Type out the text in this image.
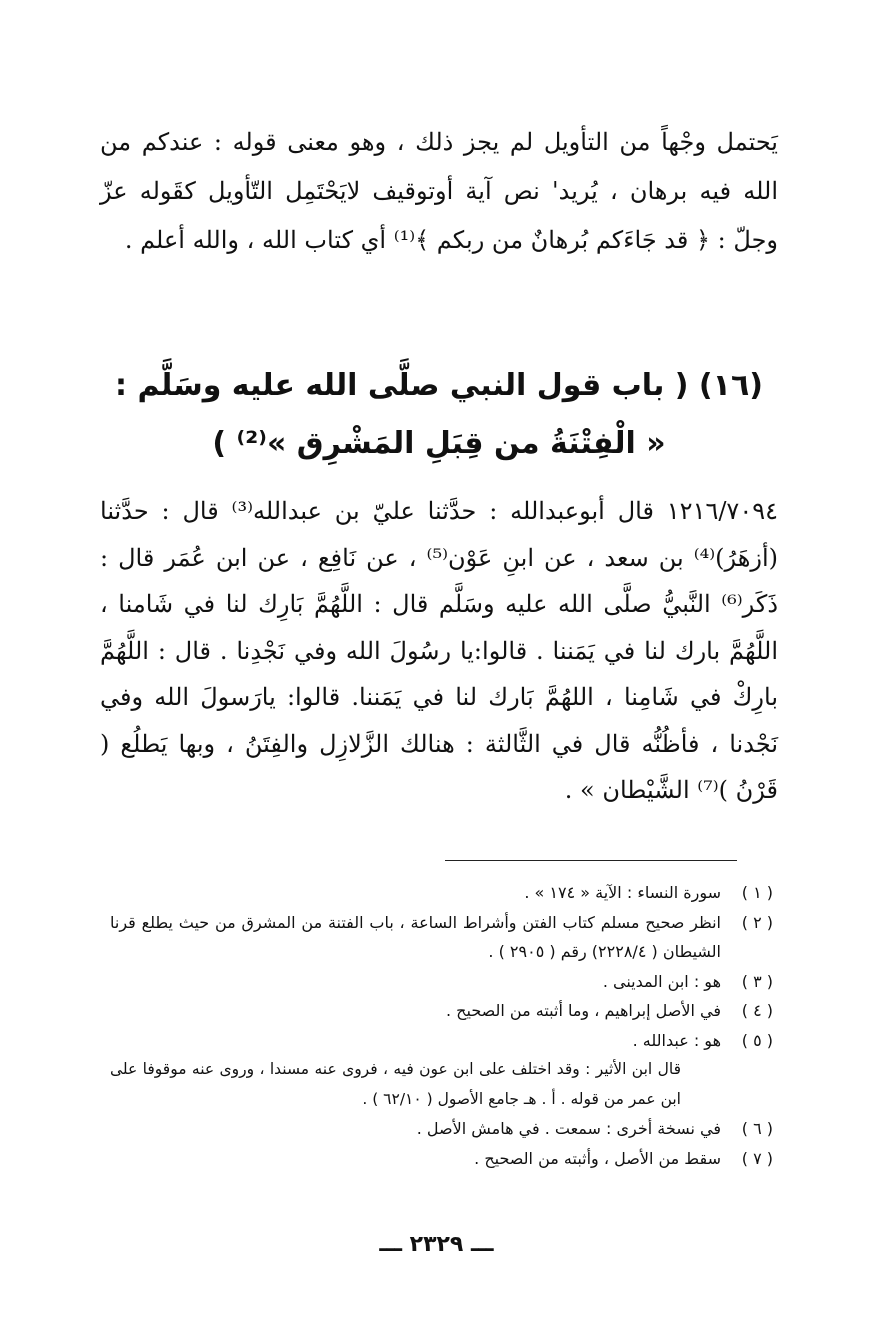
يَحتمل وجْهاً من التأويل لم يجز ذلك ، وهو معنى قوله : عندكم من الله فيه برهان ، يُريد' نص آية أوتوقيف لايَحْتَمِل التّأويل كقَوله عزّ وجلّ : ﴿ قد جَاءَكم بُرهانٌ من ربكم ﴾⁽¹⁾ أي كتاب الله ، والله أعلم .

(١٦) ( باب قول النبي صلَّى الله عليه وسَلَّم :
« الْفِتْنَةُ من قِبَلِ المَشْرِق »⁽²⁾ )

١٢١٦/٧٠٩٤ قال أبوعبدالله : حدَّثنا عليّ بن عبدالله⁽³⁾ قال : حدَّثنا (أزهَرُ)⁽⁴⁾ بن سعد ، عن ابنِ عَوْن⁽⁵⁾ ، عن نَافِع ، عن ابن عُمَر قال : ذَكَر⁽⁶⁾ النَّبيُّ صلَّى الله عليه وسَلَّم قال : اللَّهُمَّ بَارِك لنا في شَامنا ، اللَّهُمَّ بارك لنا في يَمَننا . قالوا:يا رسُولَ الله وفي نَجْدِنا . قال : اللَّهُمَّ بارِكْ في شَامِنا ، اللهُمَّ بَارك لنا في يَمَننا. قالوا: يارَسولَ الله وفي نَجْدنا ، فأظُنُّه قال في الثَّالثة : هنالك الزَّلازِل والفِتَنُ ، وبها يَطلُع ( قَرْنُ )⁽⁷⁾ الشَّيْطان » .

( ١ )
سورة النساء : الآية « ١٧٤ » .
( ٢ )
انظر صحيح مسلم كتاب الفتن وأشراط الساعة ، باب الفتنة من المشرق من حيث يطلع قرنا الشيطان ( ٢٢٢٨/٤) رقم ( ٢٩٠٥ ) .
( ٣ )
هو : ابن المدينى .
( ٤ )
في الأصل إبراهيم ، وما أثبته من الصحيح .
( ٥ )
هو : عبدالله .
قال ابن الأثير : وقد اختلف على ابن عون فيه ، فروى عنه مسندا ، وروى عنه موقوفا على ابن عمر من قوله . أ . هـ جامع الأصول ( ٦٢/١٠ ) .
( ٦ )
في نسخة أخرى : سمعت . في هامش الأصل .
( ٧ )
سقط من الأصل ، وأثبته من الصحيح .
ـــ ٢٣٢٩ ـــ
